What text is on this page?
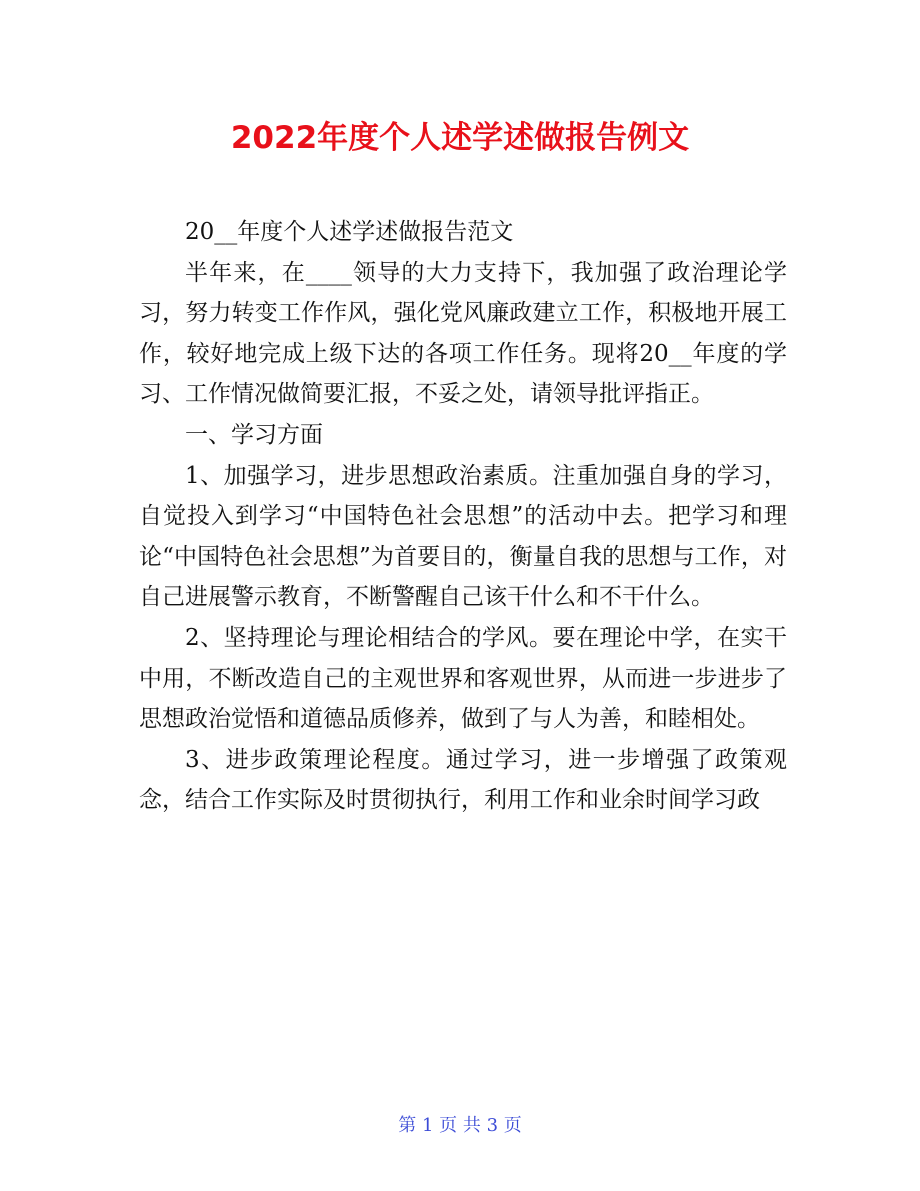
2022年度个人述学述做报告例文

20__年度个人述学述做报告范文

半年来，在____领导的大力支持下，我加强了政治理论学习，努力转变工作作风，强化党风廉政建立工作，积极地开展工作，较好地完成上级下达的各项工作任务。现将20__年度的学习、工作情况做简要汇报，不妥之处，请领导批评指正。

一、学习方面

1、加强学习，进步思想政治素质。注重加强自身的学习，自觉投入到学习“中国特色社会思想”的活动中去。把学习和理论“中国特色社会思想”为首要目的，衡量自我的思想与工作，对自己进展警示教育，不断警醒自己该干什么和不干什么。

2、坚持理论与理论相结合的学风。要在理论中学，在实干中用，不断改造自己的主观世界和客观世界，从而进一步进步了思想政治觉悟和道德品质修养，做到了与人为善，和睦相处。

3、进步政策理论程度。通过学习，进一步增强了政策观念，结合工作实际及时贯彻执行，利用工作和业余时间学习政

第 1 页 共 3 页
